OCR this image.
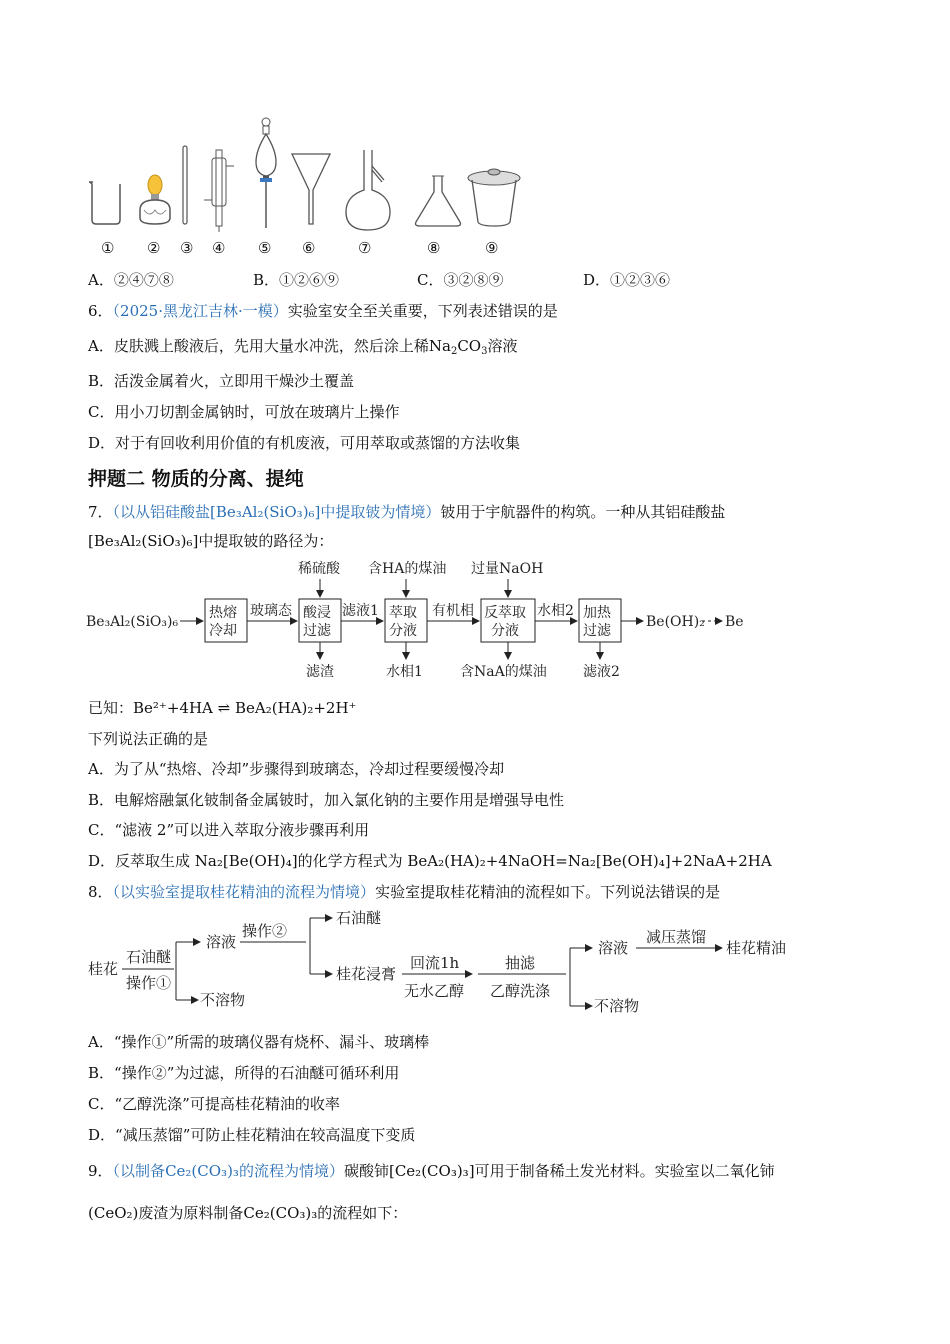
① ② ③ ④ ⑤ ⑥	⑦	⑧	⑨
A．②④⑦⑧	B．①②⑥⑨	C．③②⑧⑨	D．①②③⑥
6．（2025·黑龙江吉林·一模）实验室安全至关重要，下列表述错误的是
A．皮肤溅上酸液后，先用大量水冲洗，然后涂上稀$Na_2CO_3$溶液
B．活泼金属着火，立即用干燥沙土覆盖
C．用小刀切割金属钠时，可放在玻璃片上操作
D．对于有回收利用价值的有机废液，可用萃取或蒸馏的方法收集
押题二 物质的分离、提纯
7．（以从铝硅酸盐[Be₃Al₂(SiO₃)₆]中提取铍为情境）铍用于宇航器件的构筑。一种从其铝硅酸盐
[Be₃Al₂(SiO₃)₆]中提取铍的路径为：
Be₃Al₂(SiO₃)₆
热熔
冷却
玻璃态 酸浸
过滤
稀硫酸
滤渣
滤液1 萃取
分液
含HA的煤油
水相1
有机相 反萃取
分液
过量NaOH
含NaA的煤油
水相2 加热
过滤
滤液2
Be(OH)₂ Be
已知：Be²⁺+4HA ⇌ BeA₂(HA)₂+2H⁺
下列说法正确的是
A．为了从“热熔、冷却”步骤得到玻璃态，冷却过程要缓慢冷却
B．电解熔融氯化铍制备金属铍时，加入氯化钠的主要作用是增强导电性
C．“滤液 2”可以进入萃取分液步骤再利用
D．反萃取生成 Na₂[Be(OH)₄]的化学方程式为 BeA₂(HA)₂+4NaOH=Na₂[Be(OH)₄]+2NaA+2HA
8．（以实验室提取桂花精油的流程为情境）实验室提取桂花精油的流程如下。下列说法错误的是
桂花
石油醚
操作①
溶液
不溶物
操作②
石油醚
桂花浸膏
回流1h
无水乙醇
抽滤
乙醇洗涤
溶液
不溶物
减压蒸馏
桂花精油
A．“操作①”所需的玻璃仪器有烧杯、漏斗、玻璃棒
B．“操作②”为过滤，所得的石油醚可循环利用
C．“乙醇洗涤”可提高桂花精油的收率
D．“减压蒸馏”可防止桂花精油在较高温度下变质
9．（以制备Ce₂(CO₃)₃的流程为情境）碳酸铈[Ce₂(CO₃)₃]可用于制备稀土发光材料。实验室以二氧化铈
(CeO₂)废渣为原料制备Ce₂(CO₃)₃的流程如下：
